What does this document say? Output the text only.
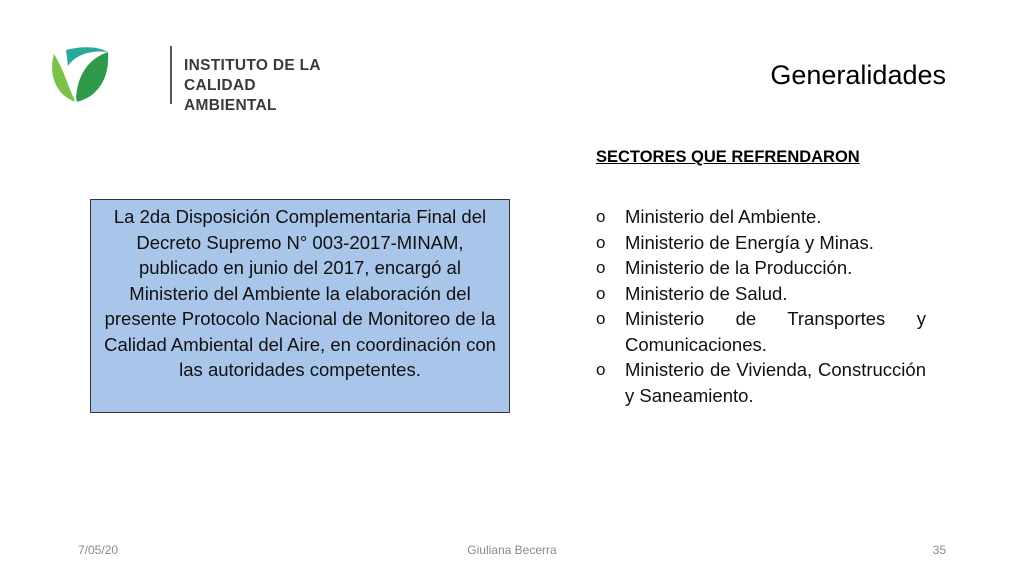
INSTITUTO DE LA
CALIDAD AMBIENTAL
Generalidades
La 2da Disposición Complementaria Final del Decreto Supremo N° 003-2017-MINAM, publicado en junio del 2017, encargó al Ministerio del Ambiente la elaboración del presente Protocolo Nacional de Monitoreo de la Calidad Ambiental del Aire, en coordinación con las autoridades competentes.
SECTORES QUE REFRENDARON
o Ministerio del Ambiente.
o Ministerio de Energía y Minas.
o Ministerio de la Producción.
o Ministerio de Salud.
o Ministerio de Transportes y Comunicaciones.
o Ministerio de Vivienda, Construcción y Saneamiento.
7/05/20	Giuliana Becerra	35
